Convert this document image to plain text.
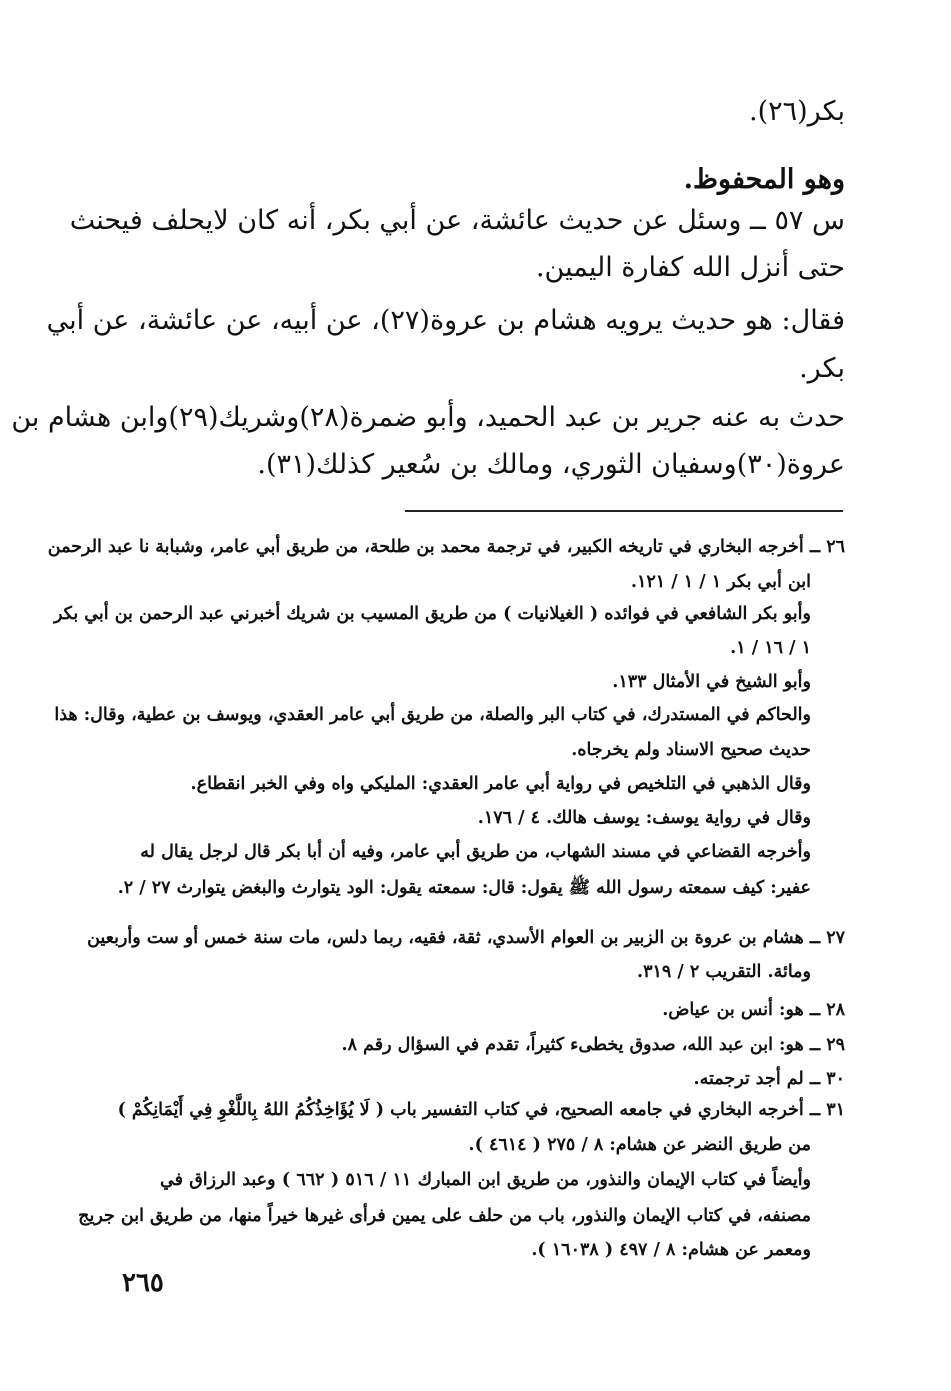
بكر(٢٦).
وهو المحفوظ.
س ٥٧ ــ وسئل عن حديث عائشة، عن أبي بكر، أنه كان لايحلف فيحنث
حتى أنزل الله كفارة اليمين.
فقال: هو حديث يرويه هشام بن عروة(٢٧)، عن أبيه، عن عائشة، عن أبي
بكر.
حدث به عنه جرير بن عبد الحميد، وأبو ضمرة(٢٨)وشريك(٢٩)وابن هشام بن
عروة(٣٠)وسفيان الثوري، ومالك بن سُعير كذلك(٣١).
٢٦ ــ أخرجه البخاري في تاريخه الكبير، في ترجمة محمد بن طلحة، من طريق أبي عامر، وشبابة نا عبد الرحمن
ابن أبي بكر ١ / ١ / ١٢١.
وأبو بكر الشافعي في فوائده ( الغيلانيات ) من طريق المسيب بن شريك أخبرني عبد الرحمن بن أبي بكر
١ / ١٦ / ١.
وأبو الشيخ في الأمثال ١٣٣.
والحاكم في المستدرك، في كتاب البر والصلة، من طريق أبي عامر العقدي، ويوسف بن عطية، وقال: هذا
حديث صحيح الاسناد ولم يخرجاه.
وقال الذهبي في التلخيص في رواية أبي عامر العقدي: المليكي واه وفي الخبر انقطاع.
وقال في رواية يوسف: يوسف هالك. ٤ / ١٧٦.
وأخرجه القضاعي في مسند الشهاب، من طريق أبي عامر، وفيه أن أبا بكر قال لرجل يقال له
عفير: كيف سمعته رسول الله ﷺ يقول: قال: سمعته يقول: الود يتوارث والبغض يتوارث ٢٧ / ٢.
٢٧ ــ هشام بن عروة بن الزبير بن العوام الأسدي، ثقة، فقيه، ربما دلس، مات سنة خمس أو ست وأربعين
ومائة. التقريب ٢ / ٣١٩.
٢٨ ــ هو: أنس بن عياض.
٢٩ ــ هو: ابن عبد الله، صدوق يخطىء كثيراً، تقدم في السؤال رقم ٨.
٣٠ ــ لم أجد ترجمته.
٣١ ــ أخرجه البخاري في جامعه الصحيح، في كتاب التفسير باب ( لَا يُؤَاخِذُكُمُ اللهُ بِاللَّغْوِ فِي أَيْمَانِكُمْ )
من طريق النضر عن هشام: ٨ / ٢٧٥ ( ٤٦١٤ ).
وأيضاً في كتاب الإيمان والنذور، من طريق ابن المبارك ١١ / ٥١٦ ( ٦٦٢ ) وعبد الرزاق في
مصنفه، في كتاب الإيمان والنذور، باب من حلف على يمين فرأى غيرها خيراً منها، من طريق ابن جريج
ومعمر عن هشام: ٨ / ٤٩٧ ( ١٦٠٣٨ ).
٢٦٥
